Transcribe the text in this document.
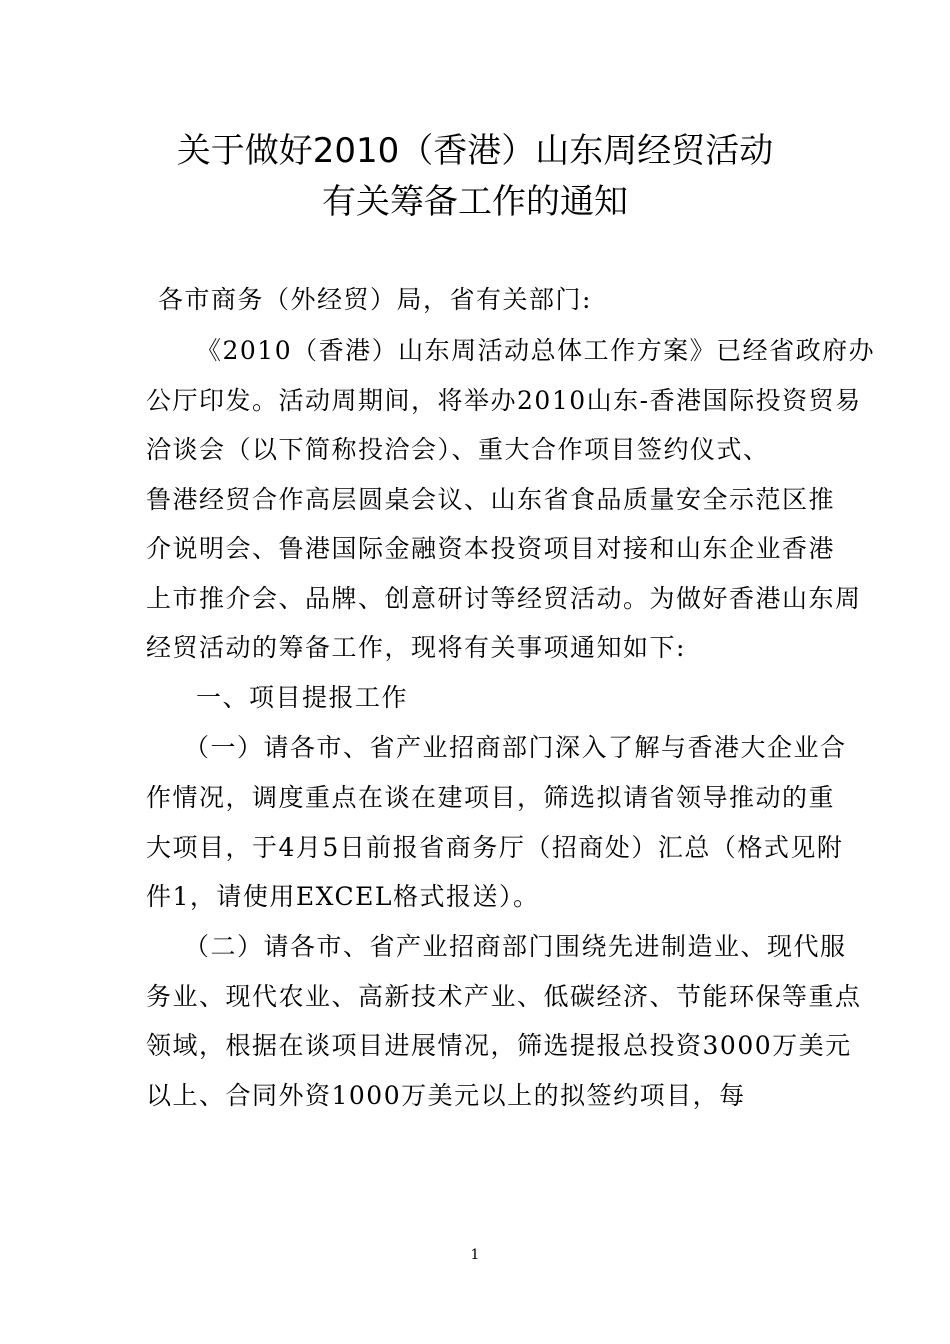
关于做好2010（香港）山东周经贸活动
有关筹备工作的通知
各市商务（外经贸）局，省有关部门:
《2010（香港）山东周活动总体工作方案》已经省政府办
公厅印发。活动周期间，将举办2010山东-香港国际投资贸易
洽谈会（以下简称投洽会）、重大合作项目签约仪式、
鲁港经贸合作高层圆桌会议、山东省食品质量安全示范区推
介说明会、鲁港国际金融资本投资项目对接和山东企业香港
上市推介会、品牌、创意研讨等经贸活动。为做好香港山东周
经贸活动的筹备工作，现将有关事项通知如下:
一、项目提报工作
（一）请各市、省产业招商部门深入了解与香港大企业合
作情况，调度重点在谈在建项目，筛选拟请省领导推动的重
大项目，于4月5日前报省商务厅（招商处）汇总（格式见附
件1，请使用EXCEL格式报送）。
（二）请各市、省产业招商部门围绕先进制造业、现代服
务业、现代农业、高新技术产业、低碳经济、节能环保等重点
领域，根据在谈项目进展情况，筛选提报总投资3000万美元
以上、合同外资1000万美元以上的拟签约项目，每
1
